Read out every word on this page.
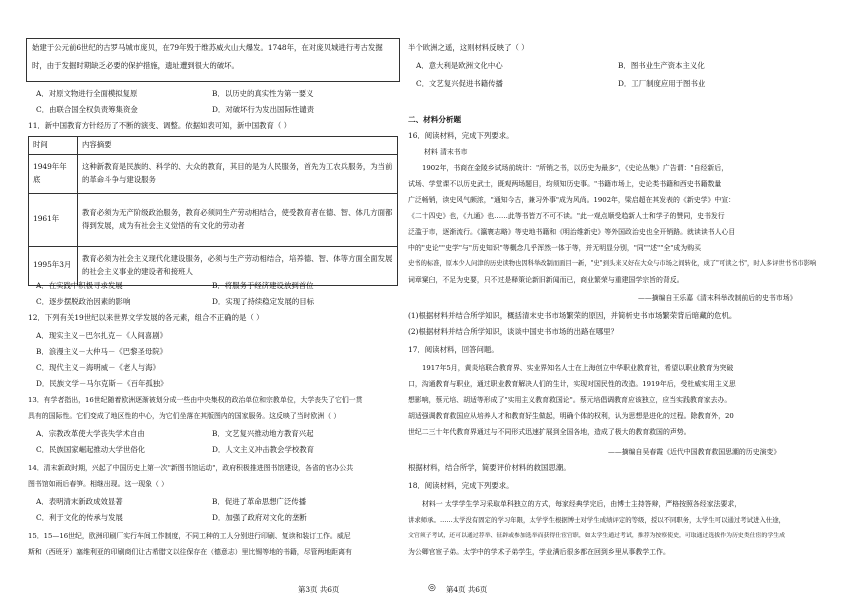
始建于公元前6世纪的古罗马城市庞贝，在79年毁于维苏威火山大爆发。1748年，在对庞贝城进行考古发掘
时，由于发掘时期缺乏必要的保护措施，遗址遭到很大的破坏。
A．对原文物进行全面模拟复原	B．以历史的真实性为第一要义
C．由联合国全权负责筹集资金	D．对破坏行为发出国际性谴责
11．新中国教育方针经历了不断的演变、调整。依据如表可知，新中国教育（ ）
时间	内容摘要
1949年年底	这种新教育是民族的、科学的、大众的教育，其目的是为人民服务，首先为工农兵服务，为当前的革命斗争与建设服务
1961年	教育必须为无产阶级政治服务，教育必须同生产劳动相结合，使受教育者在德、智、体几方面都得到发展，成为有社会主义觉悟的有文化的劳动者
1995年3月	教育必须为社会主义现代化建设服务，必须与生产劳动相结合，培养德、智、体等方面全面发展的社会主义事业的建设者和接班人
A．在实践中积极寻求发展	B．将服务于经济建设放到首位
C．逐步摆脱政治因素的影响	D．实现了持续稳定发展的目标
12．下列有关19世纪以来世界文学发展的各元素，组合不正确的是（ ）
A．现实主义－巴尔扎克－《人间喜剧》
B．浪漫主义－大仲马－《巴黎圣母院》
C．现代主义－海明威－《老人与海》
D．民族文学－马尔克斯－《百年孤独》
13．有学者指出，16世纪随着欧洲逐渐被划分成一些由中央集权的政治单位和宗教单位，大学丧失了它们一贯
具有的国际性。它们变成了地区性的中心，为它们坐落在其版图内的国家服务。这反映了当时欧洲（ ）
A．宗教改革使大学丧失学术自由	B．文艺复兴推动地方教育兴起
C．民族国家崛起推动大学世俗化	D．人文主义冲击教会学校教育
14．清末新政时期，兴起了中国历史上第一次"新图书馆运动"，政府积极推进图书馆建设，各省的官办公共
图书馆如雨后春笋。相继出现。这一现象（ ）
A．表明清末新政成效显著	B．促进了革命思想广泛传播
C．利于文化的传承与发展	D．加强了政府对文化的垄断
15．15—16世纪，欧洲印刷厂实行车间工作制度，不同工种的工人分别进行印刷、复读和装订工作。威尼
斯和（西班牙）塞维利亚的印刷商们让古希腊文以往保存在（德意志）里比锡等地的书籍，尽管两地距离有
第3页 共6页	◎
半个欧洲之遥，这则材料反映了（ ）
A．意大利是欧洲文化中心	B．图书业生产资本主义化
C．文艺复兴促进书籍传播	D．工厂制度应用于图书业
二、材料分析题
16．阅读材料，完成下列要求。
材料 清末书市
1902年，书商在金陵乡试场前统计："所销之书，以历史为最多"，《史论丛集》广告谓："自经新后，
试场、学堂课不以历史武士，既观两场题目，均须知历史事。"书籍市场上，史论类书籍和西史书籍数量
广泛畅销，读史风气颇浓，"通知今古，兼习外事"成为风尚。1902年，梁启超在其发表的《新史学》中宣：
《二十四史》也，《九通》也……此等书皆万不可不读。"此一观点顺受趋新人士和学子的赞同，史书发行
泛滥于市，逐渐流行。《瀛寰志略》等史地书籍和《明治维新史》等外国政治史也全开销路。就读读书人心目
中的"史论""史学"与"历史知识"等概念几乎浑然一体于等，并无明显分别，"同""述""全"成为购买
史书的标准，原本少人问津的历史读物也因科举改制而面目一新，"史"到头来又好在大众与市场之间转化，成了"可读之书"，时人多评世书书市影响
词章窠臼，不足为史要，只不过是释策论新旧新闻而已，商业繁荣与重建国学宗旨的背反。
——摘编自王乐嘉《清末科举改制前后的史书市场》
(1)根据材料并结合所学知识，概括清末史书市场繁荣的原因，并简析史书市场繁荣背后暗藏的危机。
(2)根据材料并结合所学知识，谈谈中国史书市场的出路在哪里？
17．阅读材料，回答问题。
1917年5月，黄炎培联合教育界、实业界知名人士在上海创立中华职业教育社，希望以职业教育为突破
口，沟通教育与职业，通过职业教育解决人们的生计，实现对国民性的改造。1919年后，受杜威实用主义思
想影响，蔡元培、胡适等形成了"实用主义教育救国论"。蔡元培倡调教育应该独立，应当实践教育家去办。
胡适强调教育救国应从培养人才和教育好生做起，明确个体的权利，认为思想是进化的过程。除教育外，20
世纪二三十年代教育界通过与不同形式迅速扩展到全国各地，造成了极大的教育救国的声势。
——摘编自吴春霞《近代中国教育救国思潮的历史演变》
根据材料，结合所学，简要评价材料的救国思潮。
18．阅读材料，完成下列要求。
材料一 太学学生学习采取单科独立的方式，每家经典学完后，由博士主持答辩，严格按照各经家法要求，
讲求师承。……太学没有固定的学习年限，太学学生根据博士对学生成绩评定的等级，授以不同职务，太学生可以通过考试进入仕途，
文官须子考试，还可以通过荐举、征辟或参加选举而获得仕宦官职，如太学生通过考试，推荐为按察使史，可取通过选拔作为历史类仕宦的学生成
为公卿官宦子弟。太学中的学术子弟学生，学业满后很多都在回到乡里从事教学工作。
第4页 共6页
